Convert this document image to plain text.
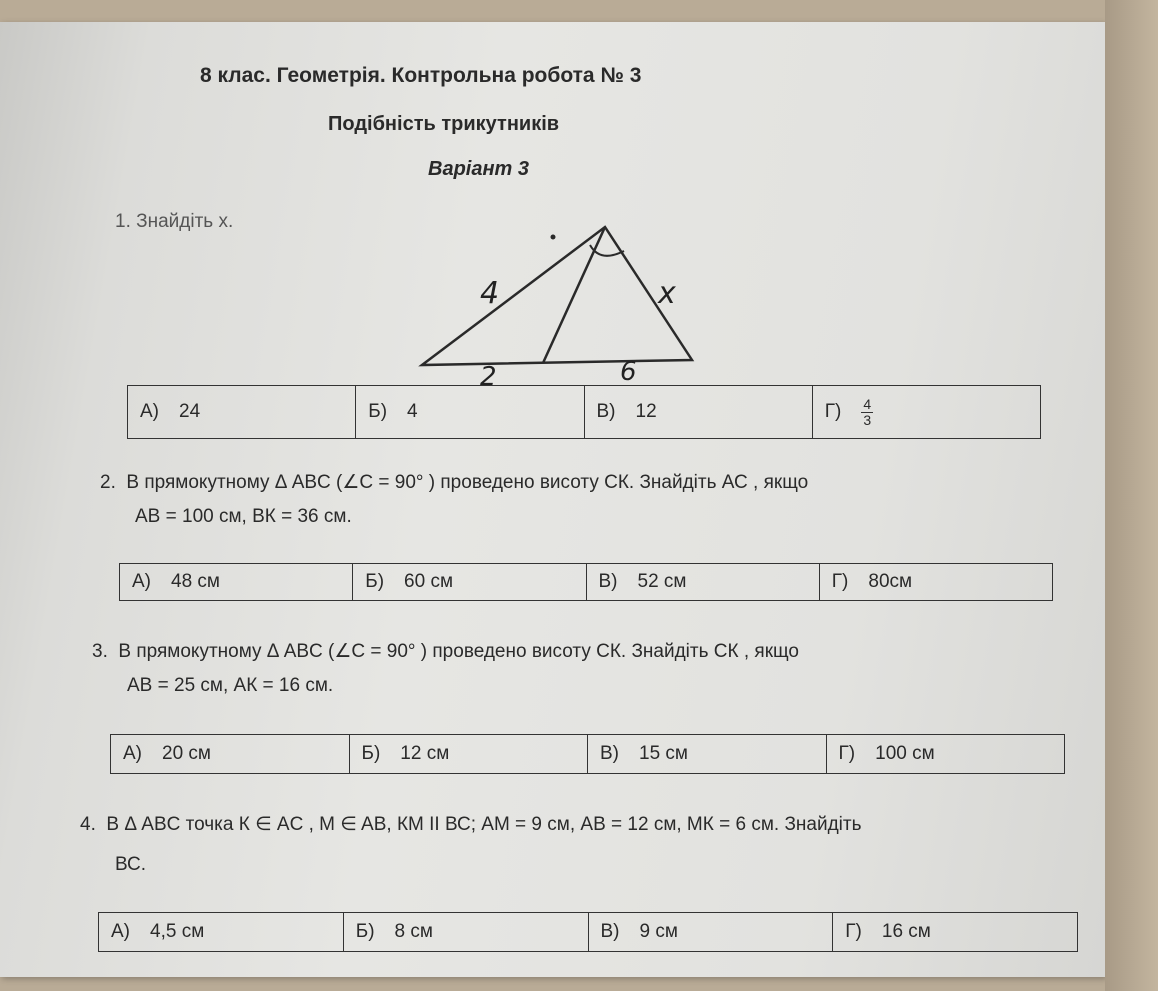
8 клас. Геометрія. Контрольна робота № 3
Подібність трикутників
Варіант 3
1. Знайдіть x.
4	x
2	6
А) 24	Б) 4	В) 12	$Г) \frac{4}{3}$
2. В прямокутному Δ ABC (∠C = 90° ) проведено висоту СК. Знайдіть АС , якщо
АВ = 100 см, ВК = 36 см.
А) 48 см	Б) 60 см	В) 52 см	Г) 80см
3. В прямокутному Δ ABC (∠C = 90° ) проведено висоту СК. Знайдіть СК , якщо
АВ = 25 см, АК = 16 см.
А) 20 см	Б) 12 см	В) 15 см	Г) 100 см
4. В Δ ABC точка К ∈ AC , M ∈ AB, КМ II ВС; АМ = 9 см, АВ = 12 см, МК = 6 см. Знайдіть
ВС.
А) 4,5 см	Б) 8 см	В) 9 см	Г) 16 см
